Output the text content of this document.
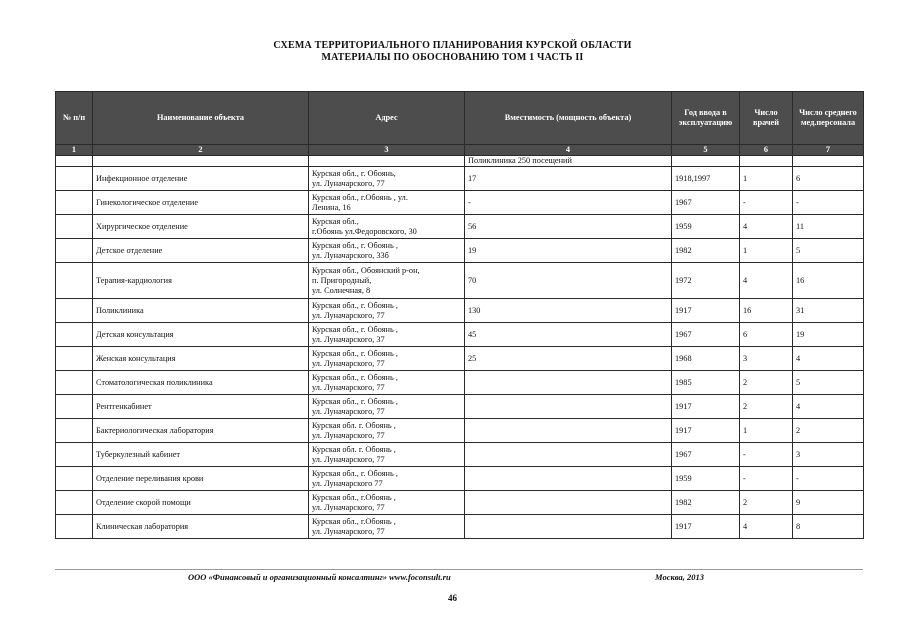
СХЕМА ТЕРРИТОРИАЛЬНОГО ПЛАНИРОВАНИЯ КУРСКОЙ ОБЛАСТИ
МАТЕРИАЛЫ ПО ОБОСНОВАНИЮ ТОМ 1 ЧАСТЬ II
№ п/п	Наименование объекта	Адрес	Вместимость (мощность объекта)	Год ввода в эксплуатацию	Число врачей	Число среднего мед.персонала
1	2	3	4	5	6	7
			Поликлиника 250 посещений			
	Инфекционное отделение	Курская обл., г. Обоянь,
ул. Луначарского, 77	17	1918,1997	1	6
	Гинекологическое отделение	Курская обл., г.Обоянь , ул.
Ленина, 16	-	1967	-	-
	Хирургическое отделение	Курская обл.,
г.Обоянь ул.Федоровского, 30	56	1959	4	11
	Детское отделение	Курская обл., г. Обоянь ,
ул. Луначарского, 33б	19	1982	1	5
	Терапия-кардиология	Курская обл., Обоянский р-он,
п. Пригородный,
ул. Солнечная, 8	70	1972	4	16
	Поликлиника	Курская обл., г. Обоянь ,
ул. Луначарского, 77	130	1917	16	31
	Детская консультация	Курская обл., г. Обоянь ,
ул. Луначарского, 37	45	1967	6	19
	Женская консультация	Курская обл., г. Обоянь ,
ул. Луначарского, 77	25	1968	3	4
	Стоматологическая поликлиника	Курская обл., г. Обоянь ,
ул. Луначарского, 77		1985	2	5
	Рентгенкабинет	Курская обл., г. Обоянь ,
ул. Луначарского, 77		1917	2	4
	Бактериологическая лаборатория	Курская обл. г. Обоянь ,
ул. Луначарского, 77		1917	1	2
	Туберкулезный кабинет	Курская обл. г. Обоянь ,
ул. Луначарского, 77		1967	-	3
	Отделение переливания крови	Курская обл., г. Обоянь ,
ул. Луначарского 77		1959	-	-
	Отделение скорой помощи	Курская обл., г.Обоянь ,
ул. Луначарского, 77		1982	2	9
	Клиническая лаборатория	Курская обл., г.Обоянь ,
ул. Луначарского, 77		1917	4	8
ООО «Финансовый и организационный консалтинг» www.foconsult.ru	Москва, 2013
46
